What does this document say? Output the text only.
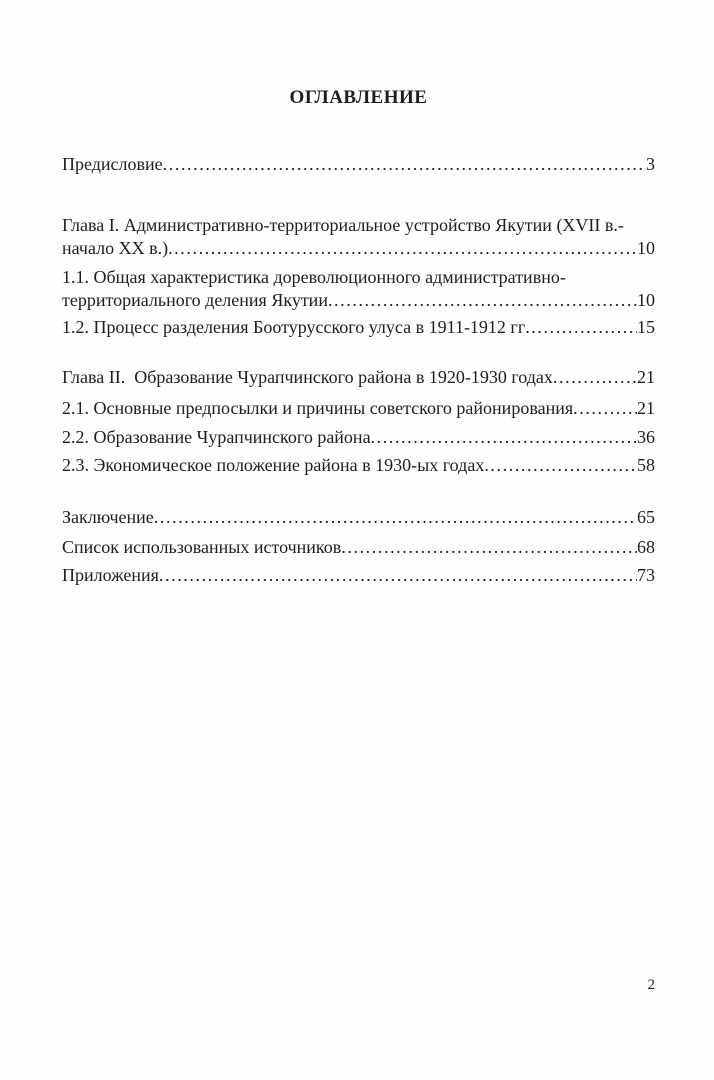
ОГЛАВЛЕНИЕ
Предисловие .....	3
Глава I. Административно-территориальное устройство Якутии (XVII в.-
начало XX в.) .....	10
1.1. Общая характеристика дореволюционного административно-
территориального деления Якутии .....	10
1.2. Процесс разделения Боотурусского улуса в 1911-1912 гг .....	15
Глава II.  Образование Чурапчинского района в 1920-1930 годах .....	21
2.1. Основные предпосылки и причины советского районирования .....	21
2.2. Образование Чурапчинского района .....	36
2.3. Экономическое положение района в 1930-ых годах .....	58
Заключение .....	65
Список использованных источников .....	68
Приложения .....	73
2
